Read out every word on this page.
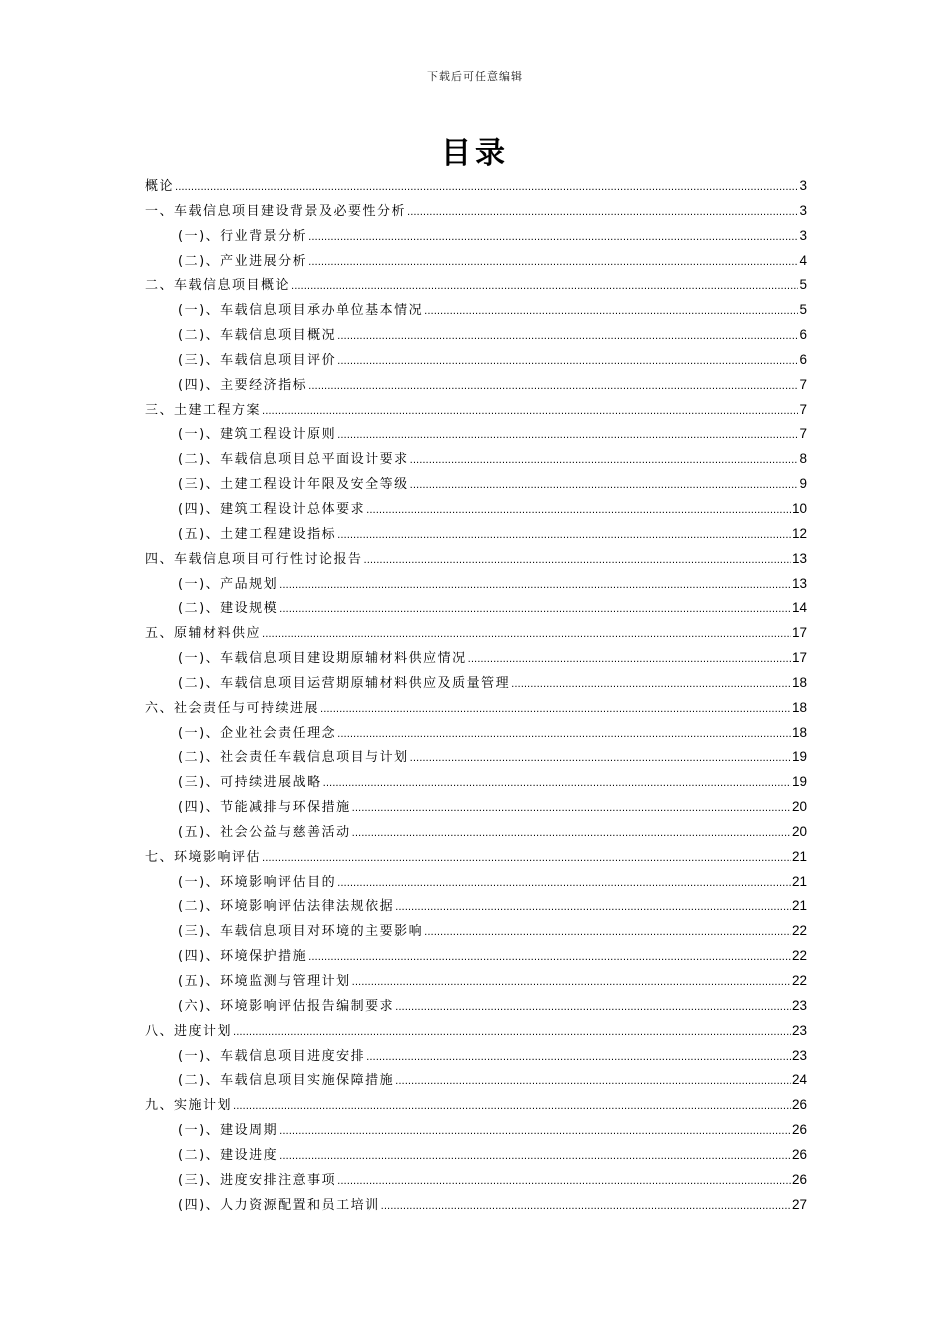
下载后可任意编辑
目录
概论 .....	3
一、车载信息项目建设背景及必要性分析 .....	3
(一)、行业背景分析 .....	3
(二)、产业进展分析 .....	4
二、车载信息项目概论 .....	5
(一)、车载信息项目承办单位基本情况 .....	5
(二)、车载信息项目概况 .....	6
(三)、车载信息项目评价 .....	6
(四)、主要经济指标 .....	7
三、土建工程方案 .....	7
(一)、建筑工程设计原则 .....	7
(二)、车载信息项目总平面设计要求 .....	8
(三)、土建工程设计年限及安全等级 .....	9
(四)、建筑工程设计总体要求 .....	10
(五)、土建工程建设指标 .....	12
四、车载信息项目可行性讨论报告 .....	13
(一)、产品规划 .....	13
(二)、建设规模 .....	14
五、原辅材料供应 .....	17
(一)、车载信息项目建设期原辅材料供应情况 .....	17
(二)、车载信息项目运营期原辅材料供应及质量管理 .....	18
六、社会责任与可持续进展 .....	18
(一)、企业社会责任理念 .....	18
(二)、社会责任车载信息项目与计划 .....	19
(三)、可持续进展战略 .....	19
(四)、节能减排与环保措施 .....	20
(五)、社会公益与慈善活动 .....	20
七、环境影响评估 .....	21
(一)、环境影响评估目的 .....	21
(二)、环境影响评估法律法规依据 .....	21
(三)、车载信息项目对环境的主要影响 .....	22
(四)、环境保护措施 .....	22
(五)、环境监测与管理计划 .....	22
(六)、环境影响评估报告编制要求 .....	23
八、进度计划 .....	23
(一)、车载信息项目进度安排 .....	23
(二)、车载信息项目实施保障措施 .....	24
九、实施计划 .....	26
(一)、建设周期 .....	26
(二)、建设进度 .....	26
(三)、进度安排注意事项 .....	26
(四)、人力资源配置和员工培训 .....	27
